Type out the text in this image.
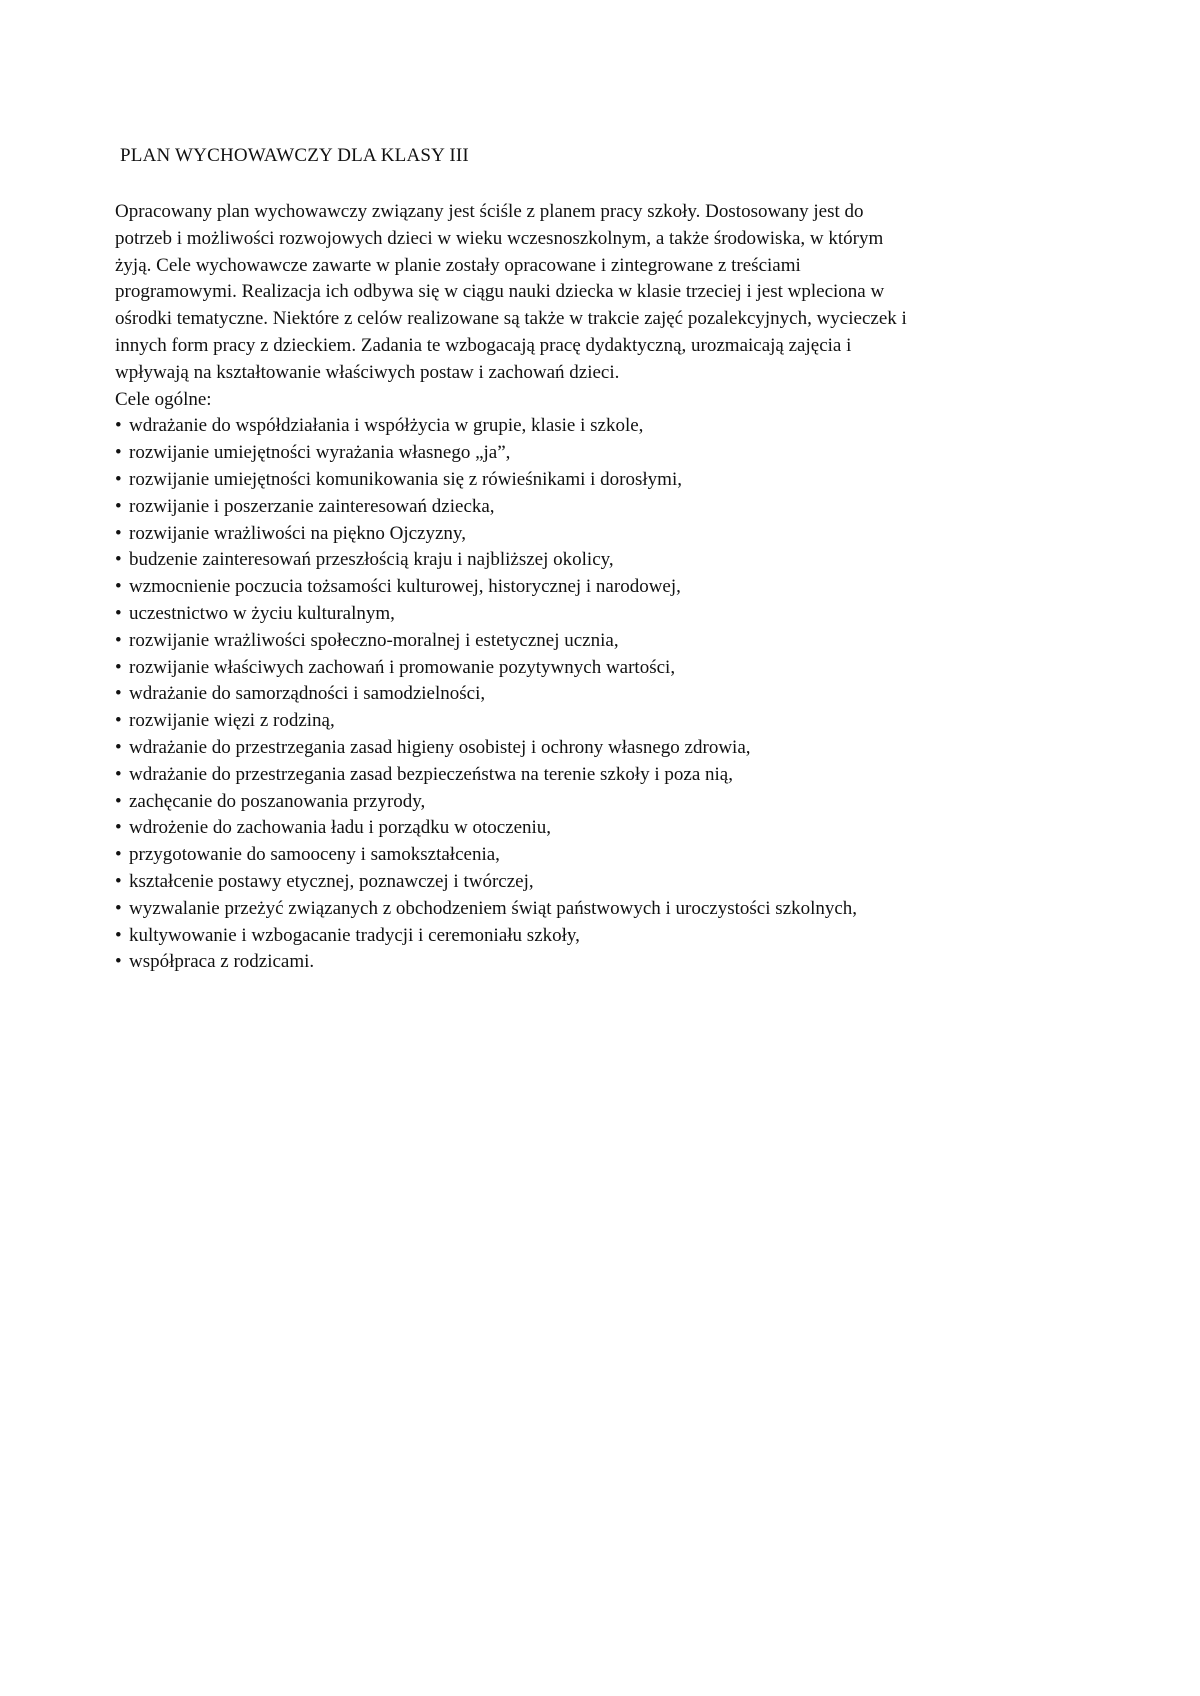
PLAN WYCHOWAWCZY DLA KLASY III
Opracowany plan wychowawczy związany jest ściśle z planem pracy szkoły. Dostosowany jest do
potrzeb i możliwości rozwojowych dzieci w wieku wczesnoszkolnym, a także środowiska, w którym
żyją. Cele wychowawcze zawarte w planie zostały opracowane i zintegrowane z treściami
programowymi. Realizacja ich odbywa się w ciągu nauki dziecka w klasie trzeciej i jest wpleciona w
ośrodki tematyczne. Niektóre z celów realizowane są także w trakcie zajęć pozalekcyjnych, wycieczek i
innych form pracy z dzieckiem. Zadania te wzbogacają pracę dydaktyczną, urozmaicają zajęcia i
wpływają na kształtowanie właściwych postaw i zachowań dzieci.
Cele ogólne:
• wdrażanie do współdziałania i współżycia w grupie, klasie i szkole,
• rozwijanie umiejętności wyrażania własnego „ja”,
• rozwijanie umiejętności komunikowania się z rówieśnikami i dorosłymi,
• rozwijanie i poszerzanie zainteresowań dziecka,
• rozwijanie wrażliwości na piękno Ojczyzny,
• budzenie zainteresowań przeszłością kraju i najbliższej okolicy,
• wzmocnienie poczucia tożsamości kulturowej, historycznej i narodowej,
• uczestnictwo w życiu kulturalnym,
• rozwijanie wrażliwości społeczno-moralnej i estetycznej ucznia,
• rozwijanie właściwych zachowań i promowanie pozytywnych wartości,
• wdrażanie do samorządności i samodzielności,
• rozwijanie więzi z rodziną,
• wdrażanie do przestrzegania zasad higieny osobistej i ochrony własnego zdrowia,
• wdrażanie do przestrzegania zasad bezpieczeństwa na terenie szkoły i poza nią,
• zachęcanie do poszanowania przyrody,
• wdrożenie do zachowania ładu i porządku w otoczeniu,
• przygotowanie do samooceny i samokształcenia,
• kształcenie postawy etycznej, poznawczej i twórczej,
• wyzwalanie przeżyć związanych z obchodzeniem świąt państwowych i uroczystości szkolnych,
• kultywowanie i wzbogacanie tradycji i ceremoniału szkoły,
• współpraca z rodzicami.
